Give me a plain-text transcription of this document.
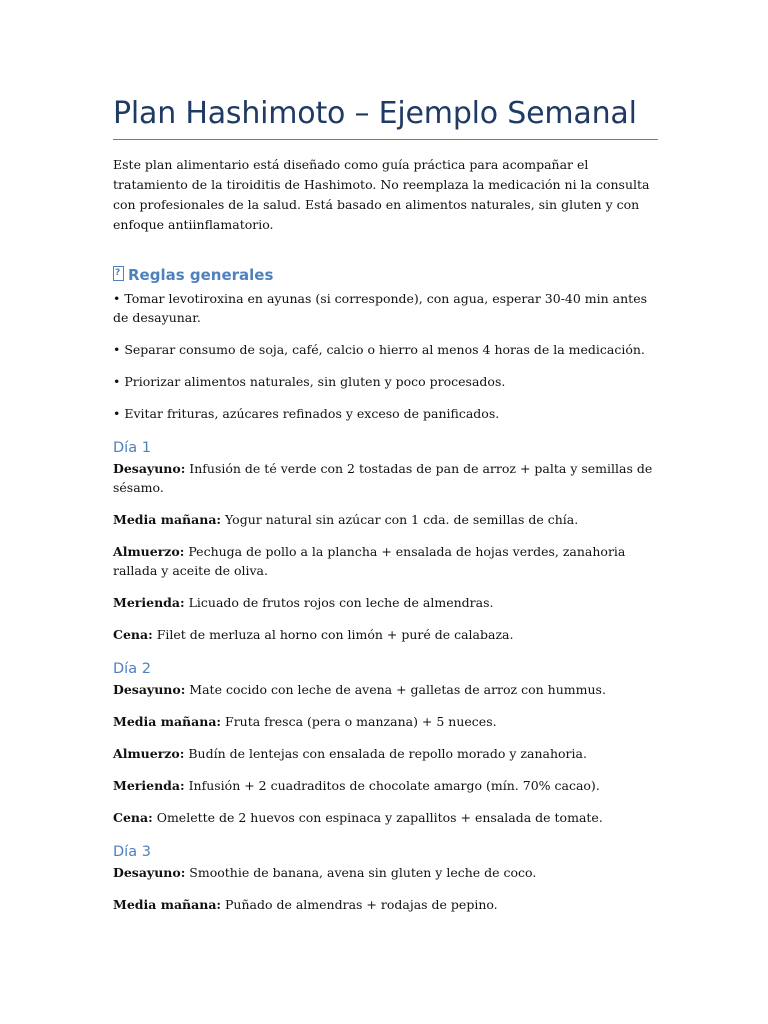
Plan Hashimoto – Ejemplo Semanal

Este plan alimentario está diseñado como guía práctica para acompañar el tratamiento de la tiroiditis de Hashimoto. No reemplaza la medicación ni la consulta con profesionales de la salud. Está basado en alimentos naturales, sin gluten y con enfoque antiinflamatorio.

? Reglas generales

• Tomar levotiroxina en ayunas (si corresponde), con agua, esperar 30-40 min antes de desayunar.

• Separar consumo de soja, café, calcio o hierro al menos 4 horas de la medicación.

• Priorizar alimentos naturales, sin gluten y poco procesados.

• Evitar frituras, azúcares refinados y exceso de panificados.

Día 1

Desayuno: Infusión de té verde con 2 tostadas de pan de arroz + palta y semillas de sésamo.

Media mañana: Yogur natural sin azúcar con 1 cda. de semillas de chía.

Almuerzo: Pechuga de pollo a la plancha + ensalada de hojas verdes, zanahoria rallada y aceite de oliva.

Merienda: Licuado de frutos rojos con leche de almendras.

Cena: Filet de merluza al horno con limón + puré de calabaza.

Día 2

Desayuno: Mate cocido con leche de avena + galletas de arroz con hummus.

Media mañana: Fruta fresca (pera o manzana) + 5 nueces.

Almuerzo: Budín de lentejas con ensalada de repollo morado y zanahoria.

Merienda: Infusión + 2 cuadraditos de chocolate amargo (mín. 70% cacao).

Cena: Omelette de 2 huevos con espinaca y zapallitos + ensalada de tomate.

Día 3

Desayuno: Smoothie de banana, avena sin gluten y leche de coco.

Media mañana: Puñado de almendras + rodajas de pepino.
